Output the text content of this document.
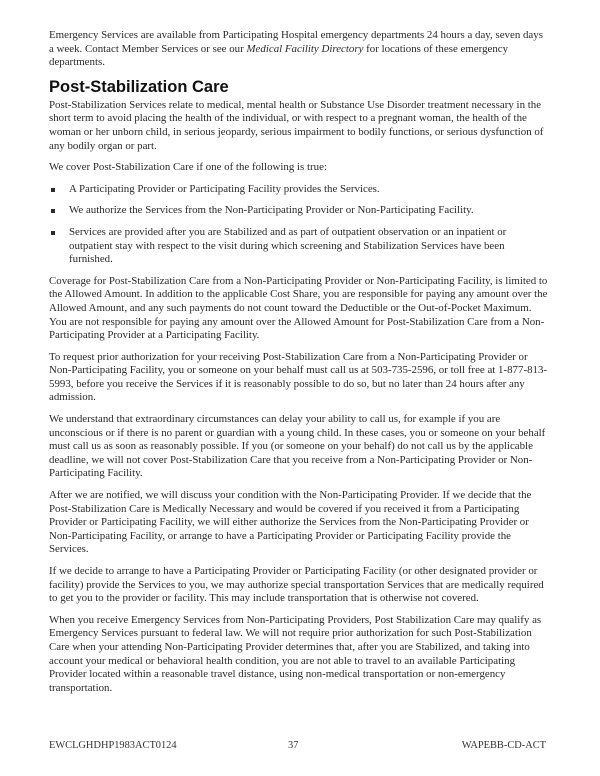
Emergency Services are available from Participating Hospital emergency departments 24 hours a day, seven days a week. Contact Member Services or see our Medical Facility Directory for locations of these emergency departments.

Post-Stabilization Care

Post-Stabilization Services relate to medical, mental health or Substance Use Disorder treatment necessary in the short term to avoid placing the health of the individual, or with respect to a pregnant woman, the health of the woman or her unborn child, in serious jeopardy, serious impairment to bodily functions, or serious dysfunction of any bodily organ or part.

We cover Post-Stabilization Care if one of the following is true:

A Participating Provider or Participating Facility provides the Services.
We authorize the Services from the Non-Participating Provider or Non-Participating Facility.
Services are provided after you are Stabilized and as part of outpatient observation or an inpatient or outpatient stay with respect to the visit during which screening and Stabilization Services have been furnished.

Coverage for Post-Stabilization Care from a Non-Participating Provider or Non-Participating Facility, is limited to the Allowed Amount. In addition to the applicable Cost Share, you are responsible for paying any amount over the Allowed Amount, and any such payments do not count toward the Deductible or the Out-of-Pocket Maximum. You are not responsible for paying any amount over the Allowed Amount for Post-Stabilization Care from a Non-Participating Provider at a Participating Facility.

To request prior authorization for your receiving Post-Stabilization Care from a Non-Participating Provider or Non-Participating Facility, you or someone on your behalf must call us at 503-735-2596, or toll free at 1-877-813-5993, before you receive the Services if it is reasonably possible to do so, but no later than 24 hours after any admission.

We understand that extraordinary circumstances can delay your ability to call us, for example if you are unconscious or if there is no parent or guardian with a young child. In these cases, you or someone on your behalf must call us as soon as reasonably possible. If you (or someone on your behalf) do not call us by the applicable deadline, we will not cover Post-Stabilization Care that you receive from a Non-Participating Provider or Non-Participating Facility.

After we are notified, we will discuss your condition with the Non-Participating Provider. If we decide that the Post-Stabilization Care is Medically Necessary and would be covered if you received it from a Participating Provider or Participating Facility, we will either authorize the Services from the Non-Participating Provider or Non-Participating Facility, or arrange to have a Participating Provider or Participating Facility provide the Services.

If we decide to arrange to have a Participating Provider or Participating Facility (or other designated provider or facility) provide the Services to you, we may authorize special transportation Services that are medically required to get you to the provider or facility. This may include transportation that is otherwise not covered.

When you receive Emergency Services from Non-Participating Providers, Post Stabilization Care may qualify as Emergency Services pursuant to federal law. We will not require prior authorization for such Post-Stabilization Care when your attending Non-Participating Provider determines that, after you are Stabilized, and taking into account your medical or behavioral health condition, you are not able to travel to an available Participating Provider located within a reasonable travel distance, using non-medical transportation or non-emergency transportation.

EWCLGHDHP1983ACT0124	37	WAPEBB-CD-ACT
